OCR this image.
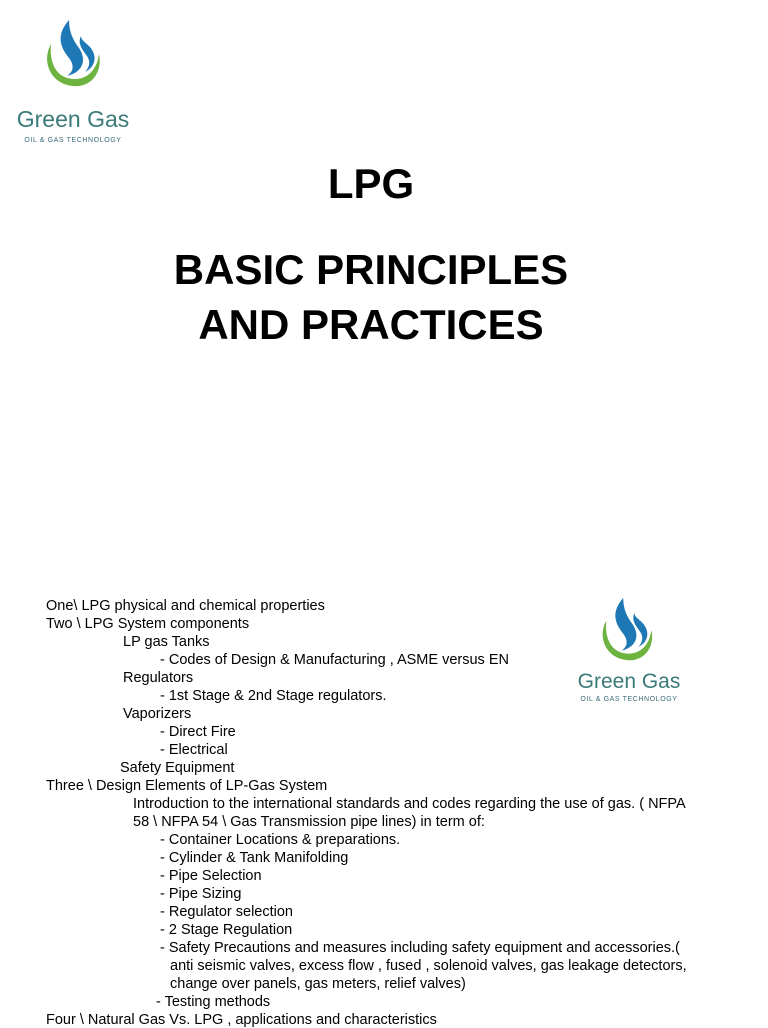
Green Gas
OIL & GAS TECHNOLOGY
LPG
BASIC PRINCIPLES
AND PRACTICES
Green Gas
OIL & GAS TECHNOLOGY
One\ LPG physical and chemical properties
Two \ LPG System components
LP gas Tanks
- Codes of Design & Manufacturing , ASME versus EN
Regulators
- 1st Stage & 2nd Stage regulators.
Vaporizers
- Direct Fire
- Electrical
Safety Equipment
Three \ Design Elements of LP-Gas System
Introduction to the international standards and codes regarding the use of gas. ( NFPA
58 \ NFPA 54 \ Gas Transmission pipe lines) in term of:
- Container Locations & preparations.
- Cylinder & Tank Manifolding
- Pipe Selection
- Pipe Sizing
- Regulator selection
- 2 Stage Regulation
- Safety Precautions and measures including safety equipment and accessories.(
anti seismic valves, excess flow , fused , solenoid valves, gas leakage detectors,
change over panels, gas meters, relief valves)
- Testing methods
Four \ Natural Gas Vs. LPG , applications and characteristics
